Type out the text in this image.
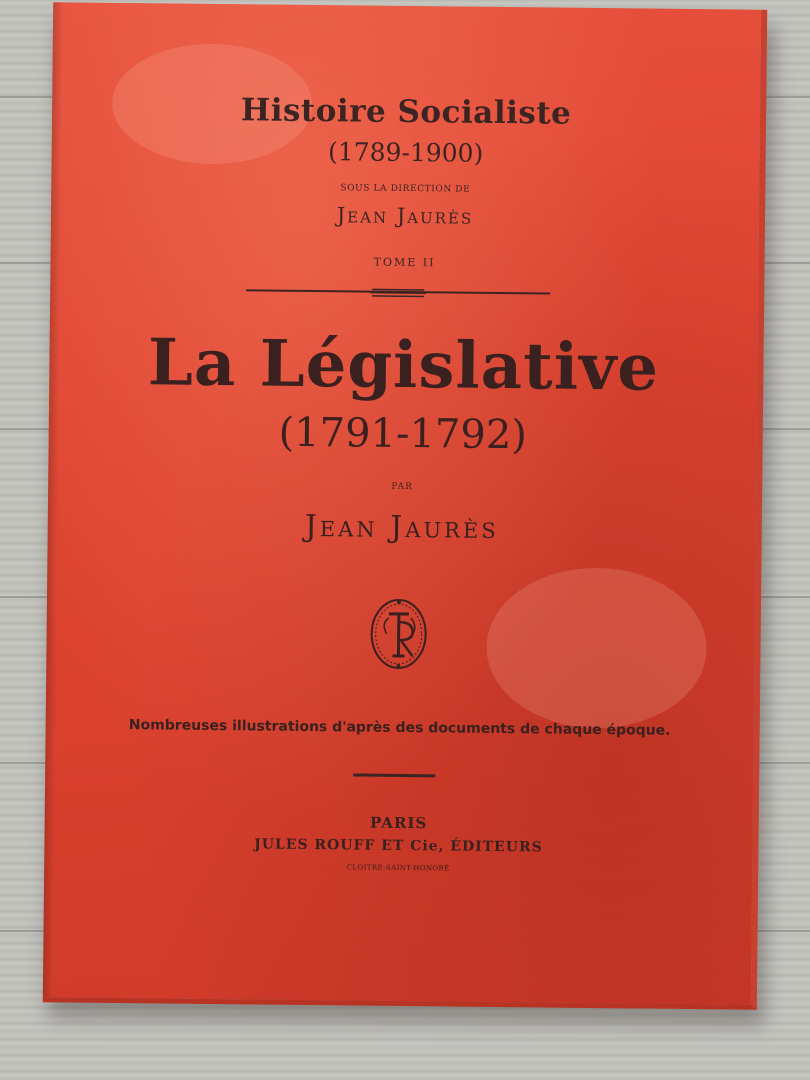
Histoire Socialiste
(1789-1900)
SOUS LA DIRECTION DE
Jean Jaurès
TOME II
La Législative
(1791-1792)
PAR
Jean Jaurès
Nombreuses illustrations d'après des documents de chaque époque.
PARIS
JULES ROUFF ET Cie, ÉDITEURS
CLOITRE-SAINT-HONORÉ
